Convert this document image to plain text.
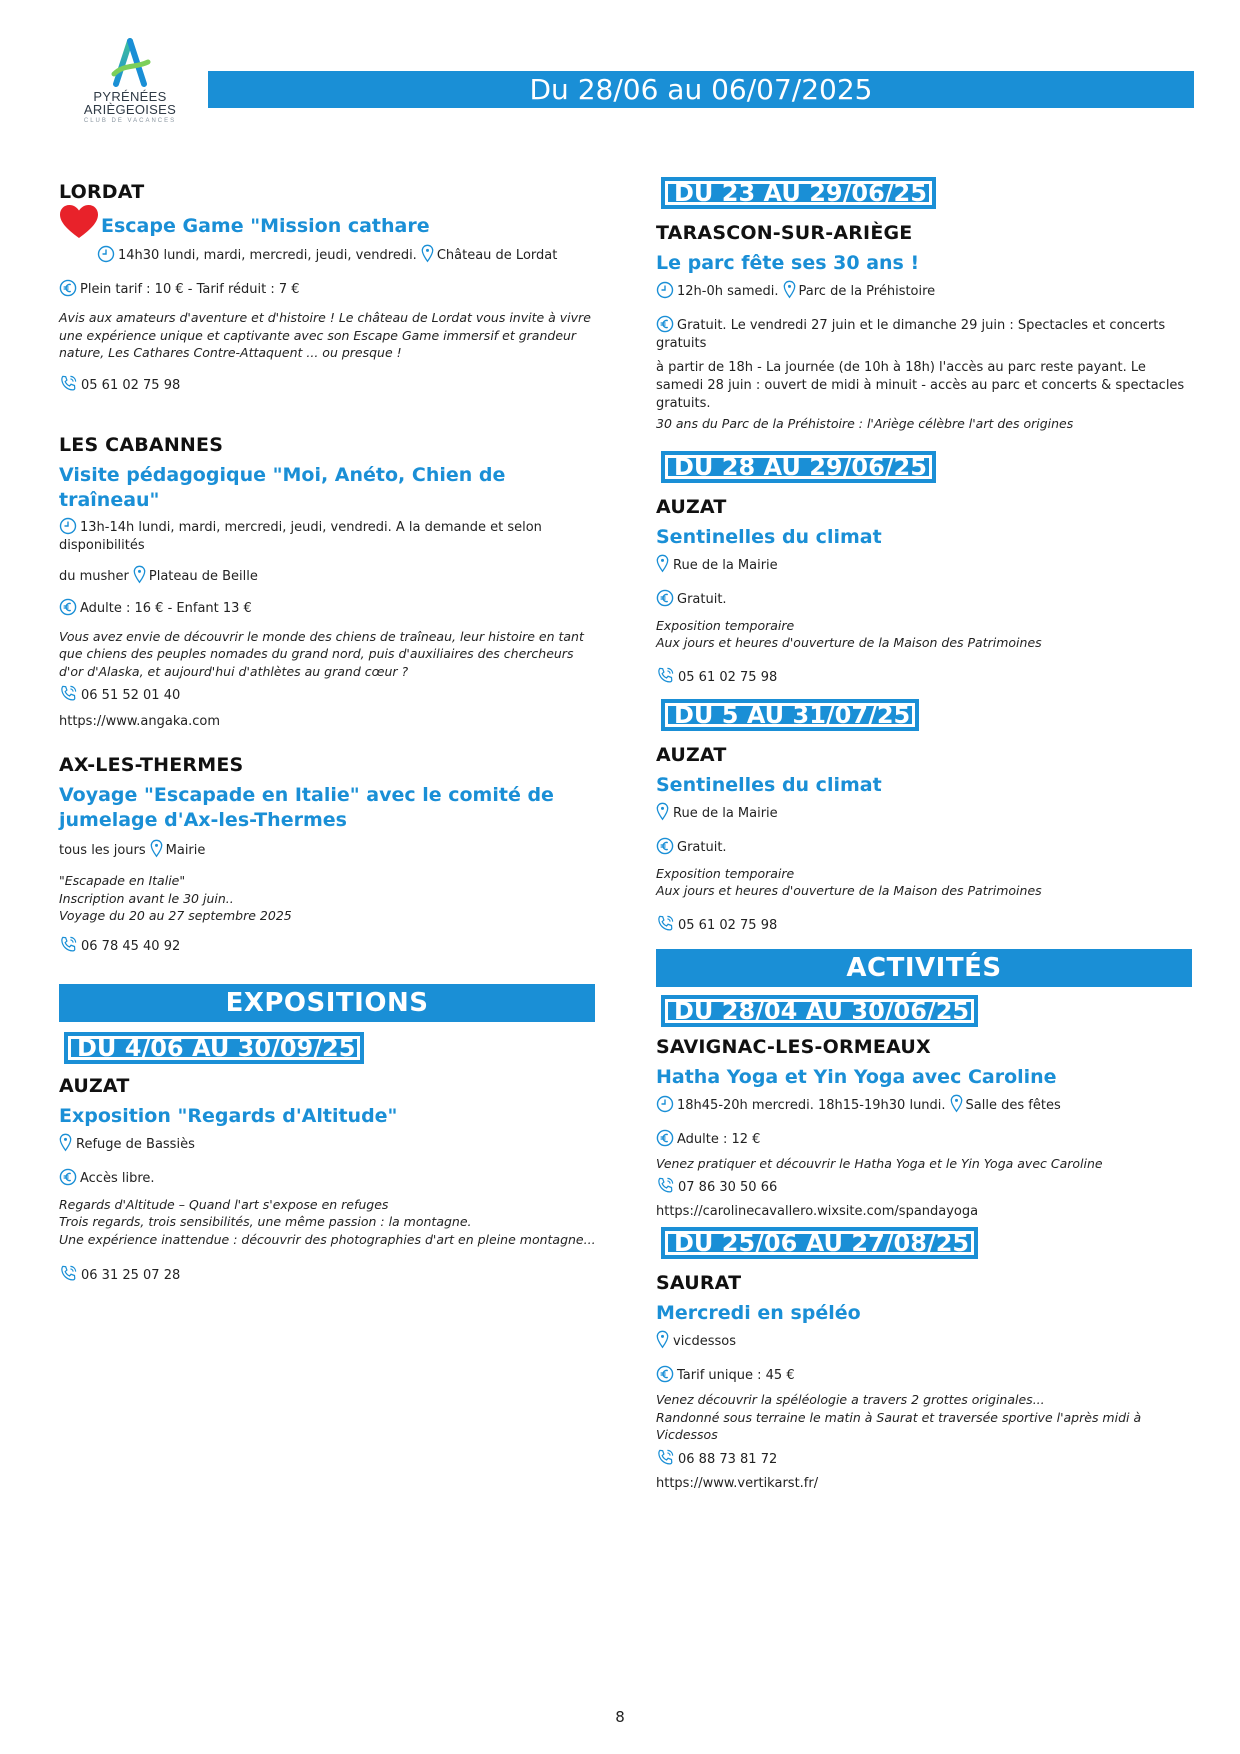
PYRÉNÉES
ARIÈGEOISES
CLUB DE VACANCES
Du 28/06 au 06/07/2025
LORDAT
Escape Game "Mission cathare
14h30 lundi, mardi, mercredi, jeudi, vendredi. Château de Lordat
Plein tarif : 10 € - Tarif réduit : 7 €
Avis aux amateurs d'aventure et d'histoire ! Le château de Lordat vous invite à vivre une expérience unique et captivante avec son Escape Game immersif et grandeur nature, Les Cathares Contre-Attaquent ... ou presque !
05 61 02 75 98
LES CABANNES
Visite pédagogique "Moi, Anéto, Chien de traîneau"
13h-14h lundi, mardi, mercredi, jeudi, vendredi. A la demande et selon disponibilités
du musher Plateau de Beille
Adulte : 16 € - Enfant 13 €
Vous avez envie de découvrir le monde des chiens de traîneau, leur histoire en tant que chiens des peuples nomades du grand nord, puis d'auxiliaires des chercheurs d'or d'Alaska, et aujourd'hui d'athlètes au grand cœur ?
06 51 52 01 40
https://www.angaka.com
AX-LES-THERMES
Voyage "Escapade en Italie" avec le comité de jumelage d'Ax-les-Thermes
tous les jours Mairie
"Escapade en Italie"
Inscription avant le 30 juin..
Voyage du 20 au 27 septembre 2025
06 78 45 40 92
EXPOSITIONS
DU 4/06 AU 30/09/25
AUZAT
Exposition "Regards d'Altitude"
Refuge de Bassiès
Accès libre.
Regards d'Altitude – Quand l'art s'expose en refuges
Trois regards, trois sensibilités, une même passion : la montagne.
Une expérience inattendue : découvrir des photographies d'art en pleine montagne...
06 31 25 07 28
DU 23 AU 29/06/25
TARASCON-SUR-ARIÈGE
Le parc fête ses 30 ans !
12h-0h samedi. Parc de la Préhistoire
Gratuit. Le vendredi 27 juin et le dimanche 29 juin : Spectacles et concerts gratuits
à partir de 18h - La journée (de 10h à 18h) l'accès au parc reste payant. Le samedi 28 juin : ouvert de midi à minuit - accès au parc et concerts & spectacles gratuits.
30 ans du Parc de la Préhistoire : l'Ariège célèbre l'art des origines
DU 28 AU 29/06/25
AUZAT
Sentinelles du climat
Rue de la Mairie
Gratuit.
Exposition temporaire
Aux jours et heures d'ouverture de la Maison des Patrimoines
05 61 02 75 98
DU 5 AU 31/07/25
AUZAT
Sentinelles du climat
Rue de la Mairie
Gratuit.
Exposition temporaire
Aux jours et heures d'ouverture de la Maison des Patrimoines
05 61 02 75 98
ACTIVITÉS
DU 28/04 AU 30/06/25
SAVIGNAC-LES-ORMEAUX
Hatha Yoga et Yin Yoga avec Caroline
18h45-20h mercredi. 18h15-19h30 lundi. Salle des fêtes
Adulte : 12 €
Venez pratiquer et découvrir le Hatha Yoga et le Yin Yoga avec Caroline
07 86 30 50 66
https://carolinecavallero.wixsite.com/spandayoga
DU 25/06 AU 27/08/25
SAURAT
Mercredi en spéléo
vicdessos
Tarif unique : 45 €
Venez découvrir la spéléologie a travers 2 grottes originales...
Randonné sous terraine le matin à Saurat et traversée sportive l'après midi à Vicdessos
06 88 73 81 72
https://www.vertikarst.fr/
8
